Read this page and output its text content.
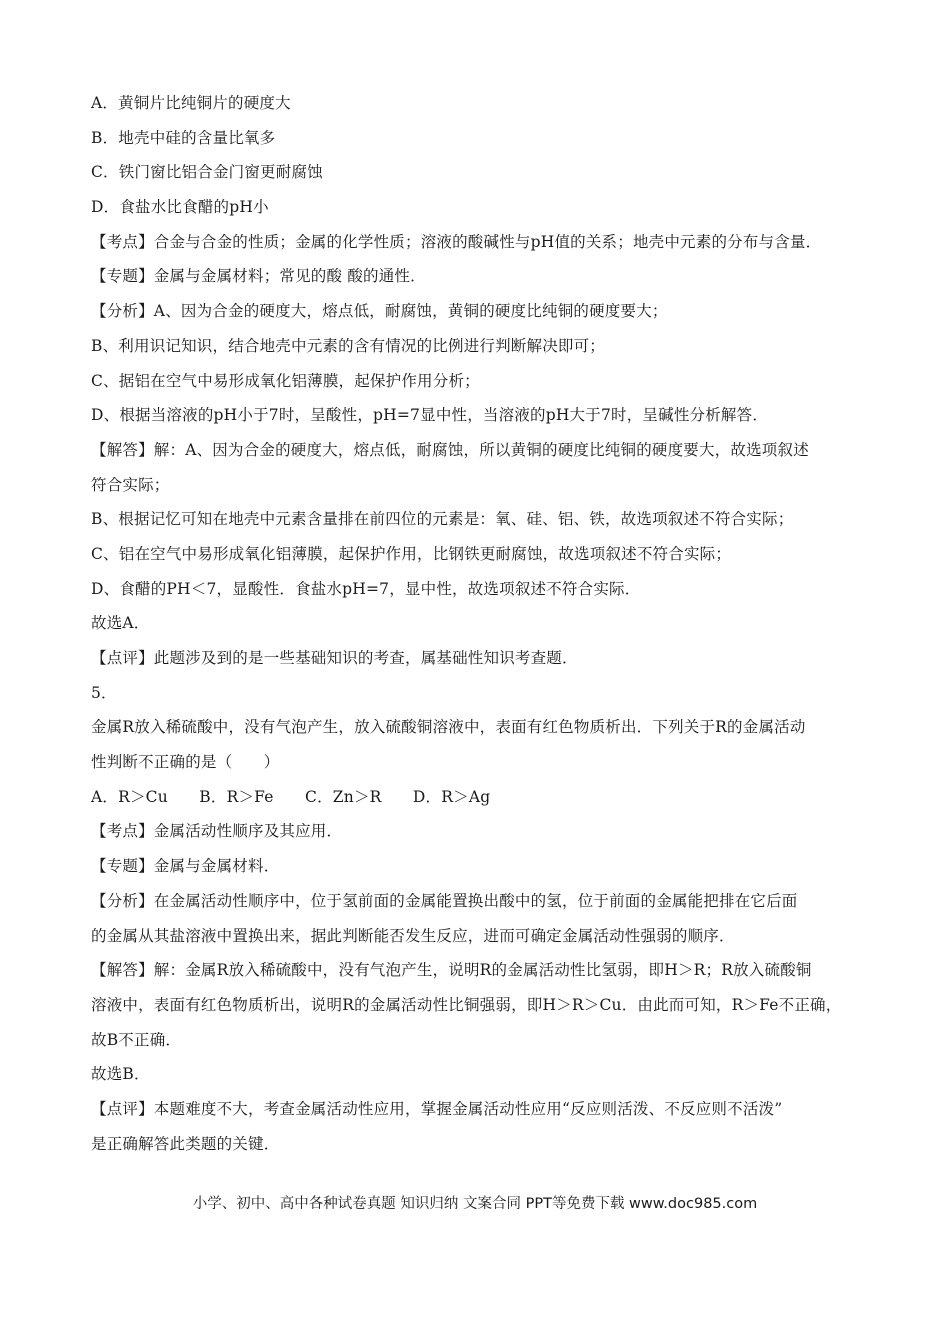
A．黄铜片比纯铜片的硬度大
B．地壳中硅的含量比氧多
C．铁门窗比铝合金门窗更耐腐蚀
D．食盐水比食醋的pH小
【考点】合金与合金的性质；金属的化学性质；溶液的酸碱性与pH值的关系；地壳中元素的分布与含量．
【专题】金属与金属材料；常见的酸 酸的通性．
【分析】A、因为合金的硬度大，熔点低，耐腐蚀，黄铜的硬度比纯铜的硬度要大；
B、利用识记知识，结合地壳中元素的含有情况的比例进行判断解决即可；
C、据铝在空气中易形成氧化铝薄膜，起保护作用分析；
D、根据当溶液的pH小于7时，呈酸性，pH=7显中性，当溶液的pH大于7时，呈碱性分析解答．
【解答】解：A、因为合金的硬度大，熔点低，耐腐蚀，所以黄铜的硬度比纯铜的硬度要大，故选项叙述
符合实际；
B、根据记忆可知在地壳中元素含量排在前四位的元素是：氧、硅、铝、铁，故选项叙述不符合实际；
C、铝在空气中易形成氧化铝薄膜，起保护作用，比钢铁更耐腐蚀，故选项叙述不符合实际；
D、食醋的PH＜7，显酸性．食盐水pH=7，显中性，故选项叙述不符合实际．
故选A．
【点评】此题涉及到的是一些基础知识的考查，属基础性知识考查题．
5．
金属R放入稀硫酸中，没有气泡产生，放入硫酸铜溶液中，表面有红色物质析出．下列关于R的金属活动
性判断不正确的是（　　）
A．R＞Cu　　B．R＞Fe　　C．Zn＞R　　D．R＞Ag
【考点】金属活动性顺序及其应用．
【专题】金属与金属材料．
【分析】在金属活动性顺序中，位于氢前面的金属能置换出酸中的氢，位于前面的金属能把排在它后面
的金属从其盐溶液中置换出来，据此判断能否发生反应，进而可确定金属活动性强弱的顺序．
【解答】解：金属R放入稀硫酸中，没有气泡产生，说明R的金属活动性比氢弱，即H＞R；R放入硫酸铜
溶液中，表面有红色物质析出，说明R的金属活动性比铜强弱，即H＞R＞Cu．由此而可知，R＞Fe不正确，
故B不正确．
故选B．
【点评】本题难度不大，考查金属活动性应用，掌握金属活动性应用“反应则活泼、不反应则不活泼”
是正确解答此类题的关键．
小学、初中、高中各种试卷真题 知识归纳 文案合同 PPT等免费下载 www.doc985.com
